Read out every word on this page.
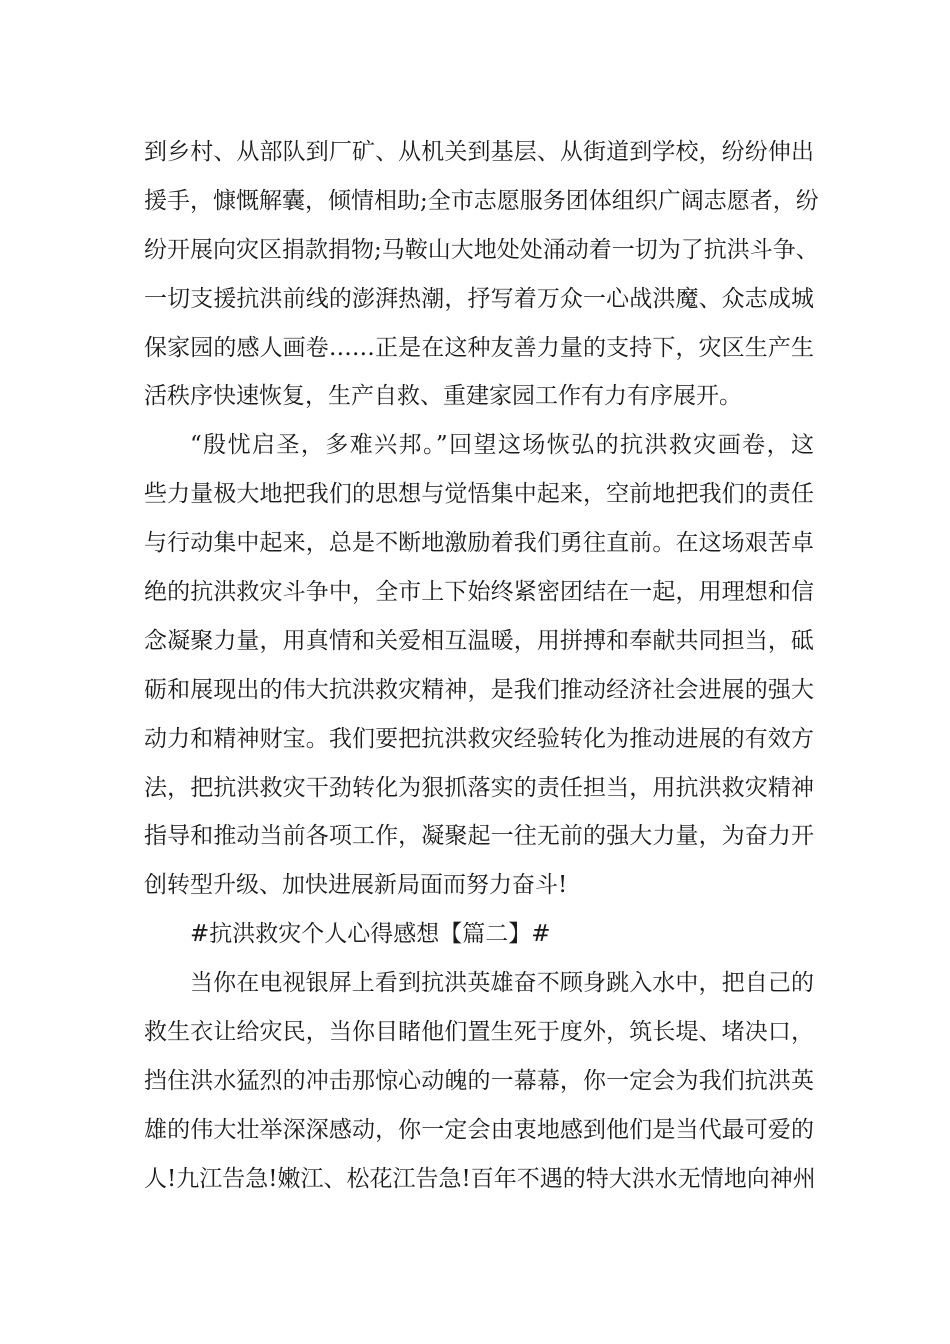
到乡村、从部队到厂矿、从机关到基层、从街道到学校，纷纷伸出
援手，慷慨解囊，倾情相助;全市志愿服务团体组织广阔志愿者，纷
纷开展向灾区捐款捐物;马鞍山大地处处涌动着一切为了抗洪斗争、
一切支援抗洪前线的澎湃热潮，抒写着万众一心战洪魔、众志成城
保家园的感人画卷……正是在这种友善力量的支持下，灾区生产生
活秩序快速恢复，生产自救、重建家园工作有力有序展开。
“殷忧启圣，多难兴邦。”回望这场恢弘的抗洪救灾画卷，这
些力量极大地把我们的思想与觉悟集中起来，空前地把我们的责任
与行动集中起来，总是不断地激励着我们勇往直前。在这场艰苦卓
绝的抗洪救灾斗争中，全市上下始终紧密团结在一起，用理想和信
念凝聚力量，用真情和关爱相互温暖，用拼搏和奉献共同担当，砥
砺和展现出的伟大抗洪救灾精神，是我们推动经济社会进展的强大
动力和精神财宝。我们要把抗洪救灾经验转化为推动进展的有效方
法，把抗洪救灾干劲转化为狠抓落实的责任担当，用抗洪救灾精神
指导和推动当前各项工作，凝聚起一往无前的强大力量，为奋力开
创转型升级、加快进展新局面而努力奋斗!
#抗洪救灾个人心得感想【篇二】#
当你在电视银屏上看到抗洪英雄奋不顾身跳入水中，把自己的
救生衣让给灾民，当你目睹他们置生死于度外，筑长堤、堵决口，
挡住洪水猛烈的冲击那惊心动魄的一幕幕，你一定会为我们抗洪英
雄的伟大壮举深深感动，你一定会由衷地感到他们是当代最可爱的
人!九江告急!嫩江、松花江告急!百年不遇的特大洪水无情地向神州
